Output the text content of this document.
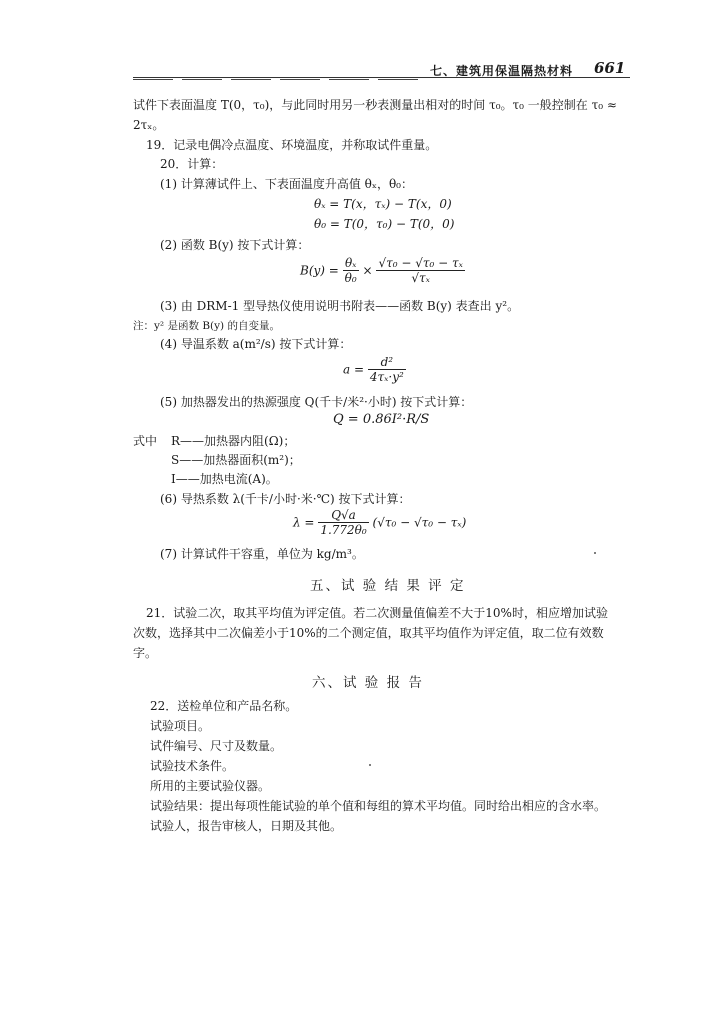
七、建筑用保温隔热材料 661
试件下表面温度 T(0，τ₀)，与此同时用另一秒表测量出相对的时间 τ₀。τ₀ 一般控制在 τ₀ ≈
2τₓ。
19．记录电偶冷点温度、环境温度，并称取试件重量。
20．计算：
(1) 计算薄试件上、下表面温度升高值 θₓ，θ₀：
θₓ = T(x，τₓ) − T(x，0)
θ₀ = T(0，τ₀) − T(0，0)
(2) 函数 B(y) 按下式计算：
$B(y) = \frac{\text{θₓ}}{\text{θ₀}} \times \frac{\text{√τ₀ − √τ₀ − τₓ}}{\text{√τₓ}}$
(3) 由 DRM-1 型导热仪使用说明书附表——函数 B(y) 表查出 y²。
注：y² 是函数 B(y) 的自变量。
(4) 导温系数 a(m²/s) 按下式计算：
$a = \frac{\text{d²}}{\text{4τₓ·y²}}$
(5) 加热器发出的热源强度 Q(千卡/米²·小时) 按下式计算：
Q = 0.86I²·R/S
式中 R——加热器内阻(Ω)；
S——加热器面积(m²)；
I——加热电流(A)。
(6) 导热系数 λ(千卡/小时·米·℃) 按下式计算：
$\lambda = \frac{Q√a}{\text{1.772θ₀}} (√\tau_0 - √\tau_0 - \tau_x)$
(7) 计算试件干容重，单位为 kg/m³。
五、试 验 结 果 评 定
21．试验二次，取其平均值为评定值。若二次测量值偏差不大于10%时，相应增加试验
次数，选择其中二次偏差小于10%的二个测定值，取其平均值作为评定值，取二位有效数
字。
六、试 验 报 告
22．送检单位和产品名称。
试验项目。
试件编号、尺寸及数量。
试验技术条件。
所用的主要试验仪器。
试验结果：提出每项性能试验的单个值和每组的算术平均值。同时给出相应的含水率。
试验人，报告审核人，日期及其他。
